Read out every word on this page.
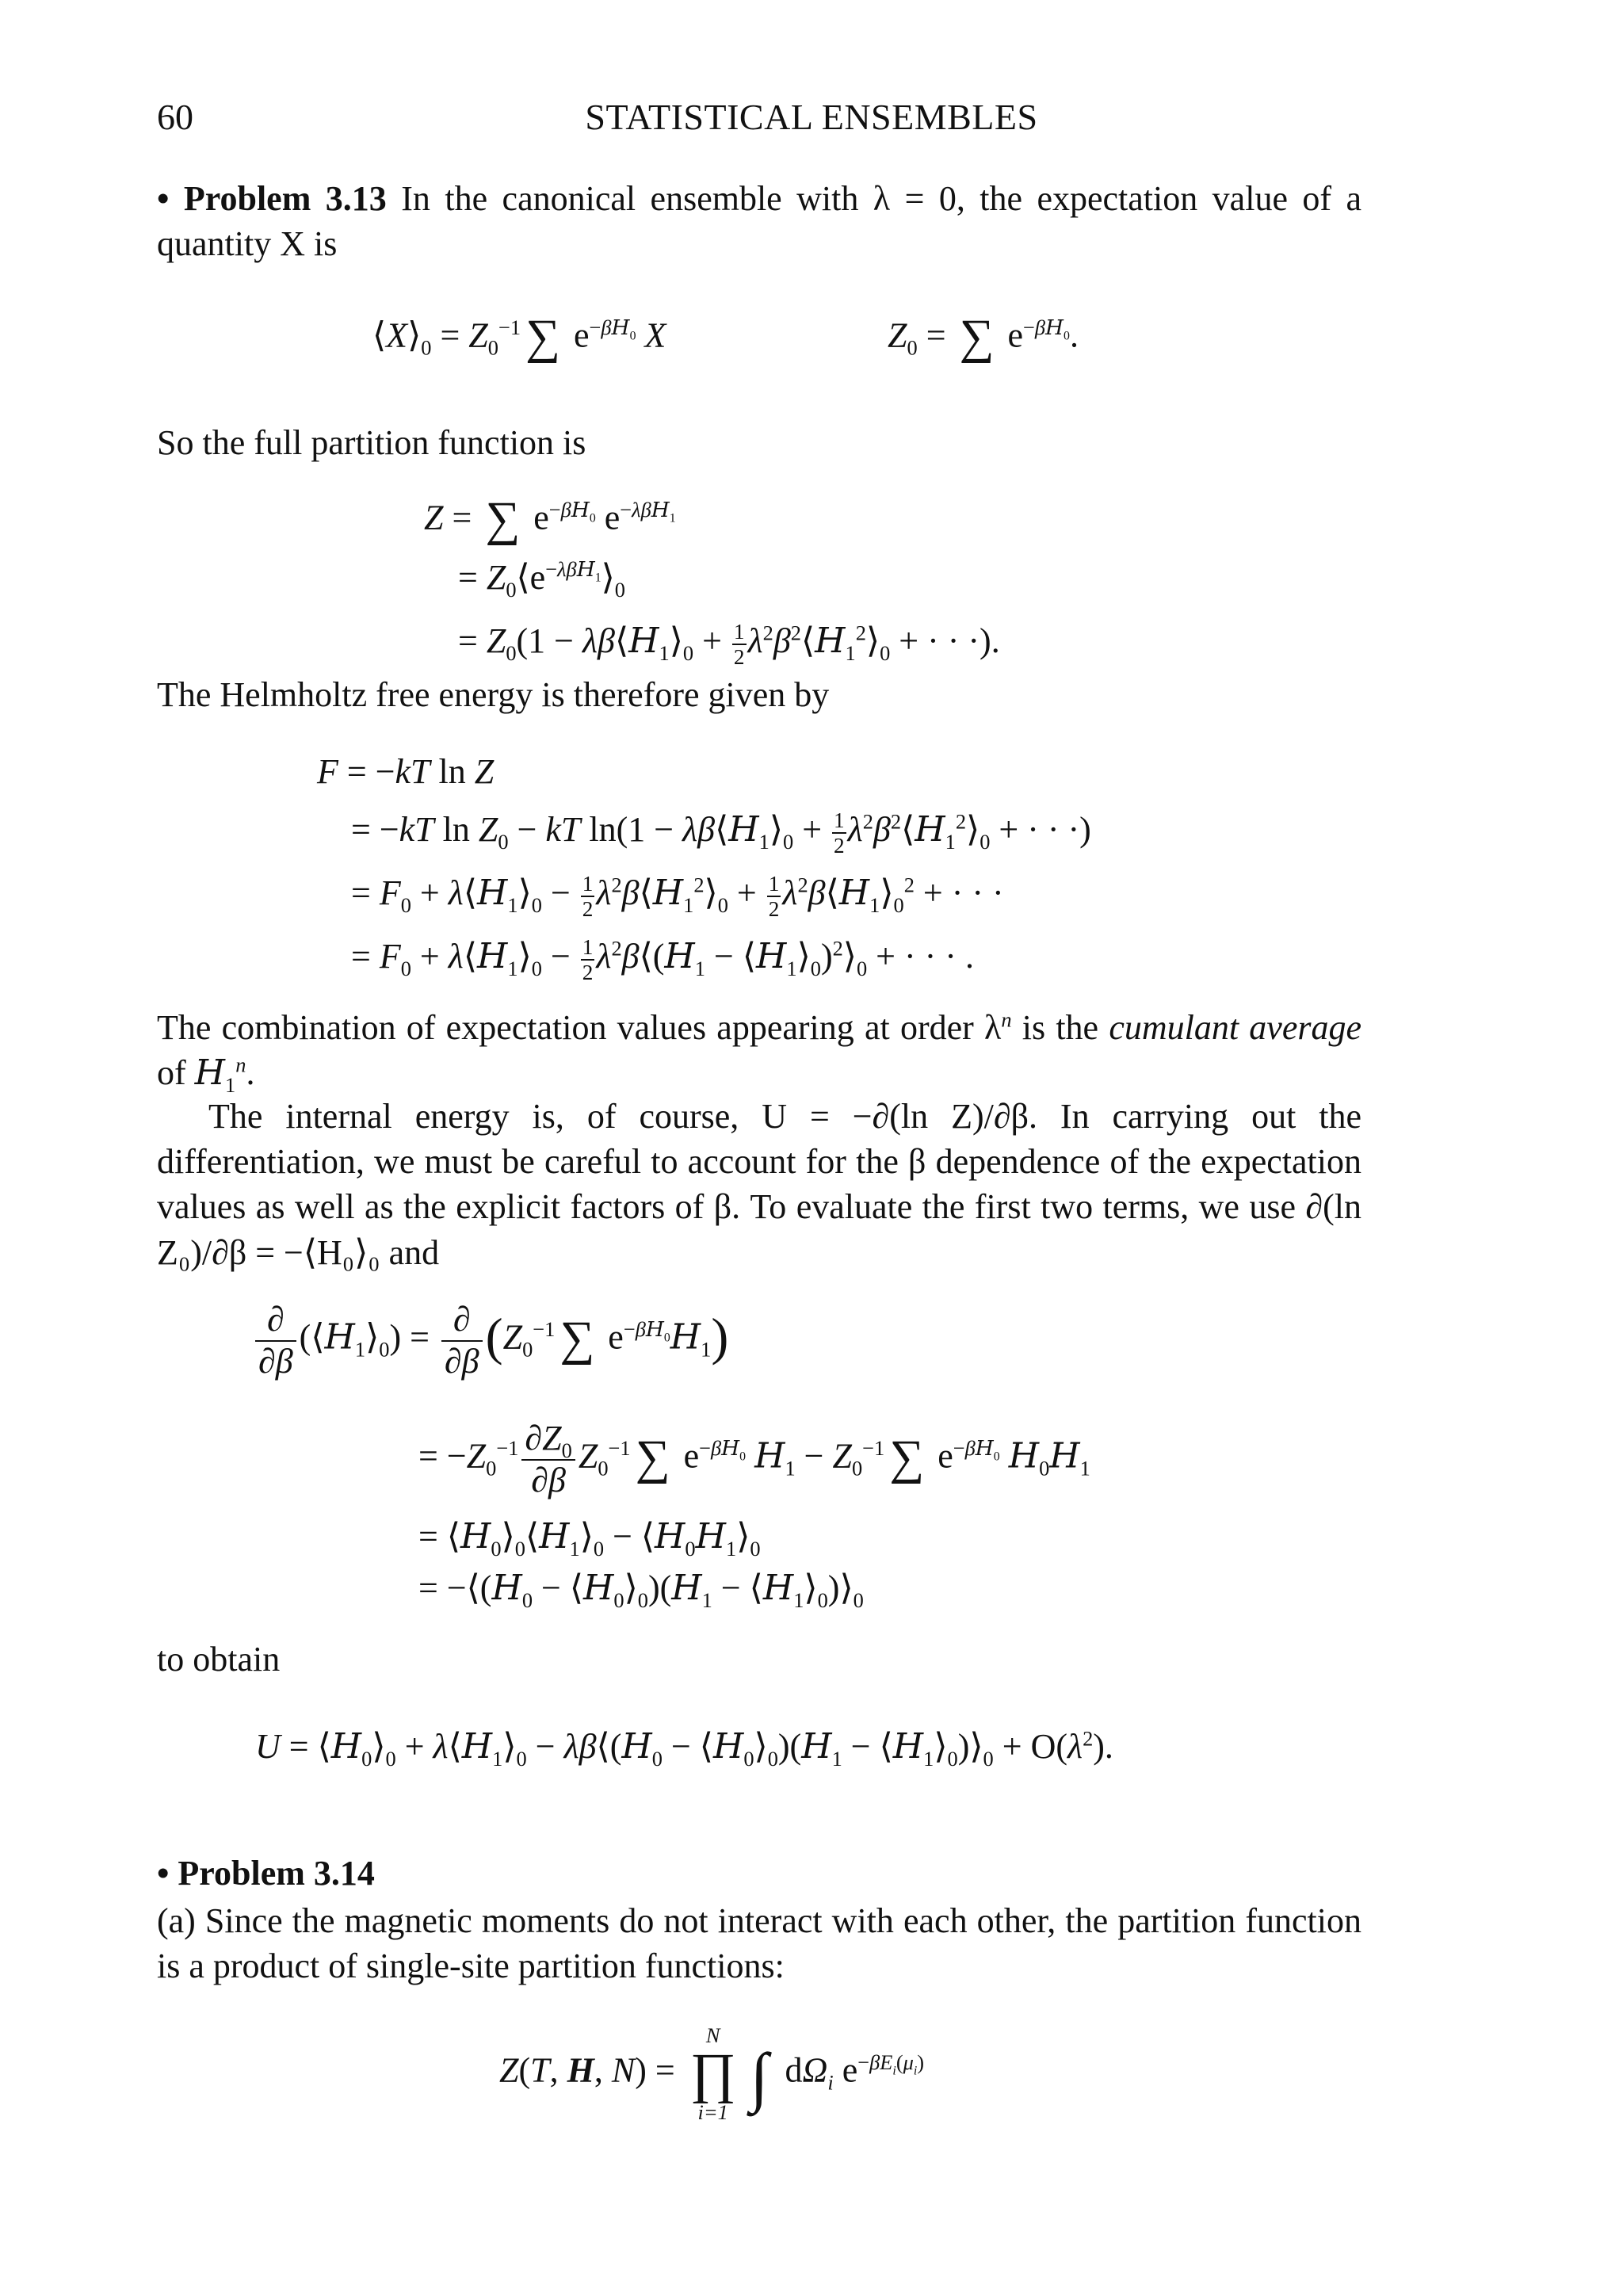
60	STATISTICAL ENSEMBLES
• Problem 3.13 In the canonical ensemble with λ = 0, the expectation value of a quantity X is
$⟨X⟩_0 = Z_0^{-1}\sum$ $e^{-\beta H_0}$ X	$Z_0$ = ∑ $e^{-\beta H_0}$.
So the full partition function is
Z = ∑ $e^{-\beta H_0}$ $e^{-\lambda\beta H_1}$
= $Z_0⟨e^{-\lambda\beta H_1}⟩_0$
= $Z_0(1$ − $\lambda\beta⟨H_1⟩_0 + \frac{1}{2}$ $\lambda^2\beta^2⟨H_1^2⟩_0$ + · · ·).
The Helmholtz free energy is therefore given by
F = −kT ln Z
= −kT $\ln Z_0$ − kT $\ln(1 - \lambda\beta⟨H_1⟩_0 + \frac{1}{2}$ $\lambda^2\beta^2⟨H_1^2⟩_0$ + · · ·)
= $F_0$ + $\lambda⟨H_1⟩_0 - \frac{1}{2}$ $\lambda^2\beta⟨H_1^2⟩_0 + \frac{1}{2}$ $\lambda^2\beta⟨H_1⟩_0^2$ + · · ·
= $F_0$ + $\lambda⟨H_1⟩_0 - \frac{1}{2}$ $\lambda^2\beta⟨(H_1$ − $⟨H_1⟩_0)^2⟩_0$ + · · · .
The combination of expectation values appearing at order $\lambda^n$ is the cumulant average of $H_1^n$.
The internal energy is, of course, U = −∂(ln Z)/∂β. In carrying out the differentiation, we must be careful to account for the β dependence of the expectation values as well as the explicit factors of β. To evaluate the first two terms, we use ∂(ln Z₀)/∂β = −⟨H₀⟩₀ and
$\frac{\partial}{\partial\beta}$ $(⟨H_1⟩_0) = \frac{\partial}{\partial\beta} (Z_0^{-1}\sum$ $e^{-\beta H_0}H_1$)
= $-Z_0^{-1} \frac{\partial Z_0}{\partial\beta} Z_0^{-1}\sum$ $e^{-\beta H_0}$ $H_1 - Z_0^{-1}\sum$ $e^{-\beta H_0}$ $H_0H_1$
= $⟨H_0⟩_0⟨H_1⟩_0$ − $⟨H_0H_1⟩_0$
= $-⟨(H_0$ − $⟨H_0⟩_0)(H_1$ − $⟨H_1⟩_0)⟩_0$
to obtain
$U = ⟨H_0⟩_0$ + $\lambda⟨H_1⟩_0$ − $\lambda\beta⟨(H_0$ − $⟨H_0⟩_0)(H_1$ − $⟨H_1⟩_0)⟩_0 + O(\lambda^2)$.
• Problem 3.14
(a) Since the magnetic moments do not interact with each other, the partition function is a product of single-site partition functions:
Z(T, H, N) =
N
∏
i=1 ∫ $d\Omega_i$ $e^{-\beta E_i(\mu_i)}$
